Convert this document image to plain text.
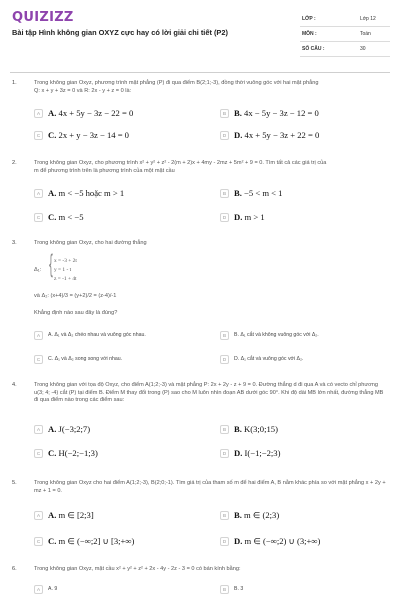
QUIZIZZ
Bài tập Hình không gian OXYZ cực hay có lời giải chi tiết (P2)
LỚP :	Lớp 12
MÔN :	Toán
SỐ CÂU :	30
1.	Trong không gian Oxyz, phương trình mặt phẳng (P) đi qua điểm B(2;1;-3), đồng thời vuông góc với hai mặt phẳng
Q: x + y + 3z = 0 và R: 2x - y + z = 0 là:
A A. 4x + 5y − 3z − 22 = 0	B B. 4x − 5y − 3z − 12 = 0
C C. 2x + y − 3z − 14 = 0	D D. 4x + 5y − 3z + 22 = 0
2.	Trong không gian Oxyz, cho phương trình x² + y² + z² - 2(m + 2)x + 4my - 2mz + 5m² + 9 = 0. Tìm tất cả các giá trị của
m để phương trình trên là phương trình của một mặt cầu
A A. m < −5 hoặc m > 1	B B. −5 < m < 1
C C. m < −5	D D. m > 1
3.	Trong không gian Oxyz, cho hai đường thẳng
Δ₁: { x = -3 + 2t
y = 1 - t
z = -1 + 4t
và Δ₂: (x+4)/3 = (y+2)/2 = (z-4)/-1
Khẳng định nào sau đây là đúng?
A	A. Δ₁ và Δ₂ chéo nhau và vuông góc nhau.	B	B. Δ₁ cắt và không vuông góc với Δ₂.
C	C. Δ₁ và Δ₂ song song với nhau.	D	D. Δ₁ cắt và vuông góc với Δ₂.
4.	Trong không gian với tọa độ Oxyz, cho điểm A(1;2;-3) và mặt phẳng P: 2x + 2y - z + 9 = 0. Đường thẳng d đi qua A và có vecto chỉ phương u(3; 4; -4) cắt (P) tại điểm B. Điểm M thay đổi trong (P) sao cho M luôn nhìn đoạn AB dưới góc 90°. Khi độ dài MB lớn nhất, đường thẳng MB đi qua điểm nào trong các điểm sau:
A A. J(−3;2;7)	B B. K(3;0;15)
C C. H(−2;−1;3)	D D. I(−1;−2;3)
5.	Trong không gian Oxyz cho hai điểm A(1;2;-3), B(2;0;-1). Tìm giá trị của tham số m để hai điểm A, B nằm khác phía so với mặt phẳng x + 2y + mz + 1 = 0.
A A. m ∈ [2;3]	B B. m ∈ (2;3)
C C. m ∈ (−∞;2] ∪ [3;+∞)	D D. m ∈ (−∞;2) ∪ (3;+∞)
6.	Trong không gian Oxyz, mặt cầu x² + y² + z² + 2x - 4y - 2z - 3 = 0 có bán kính bằng:
A	A. 9	B	B. 3
